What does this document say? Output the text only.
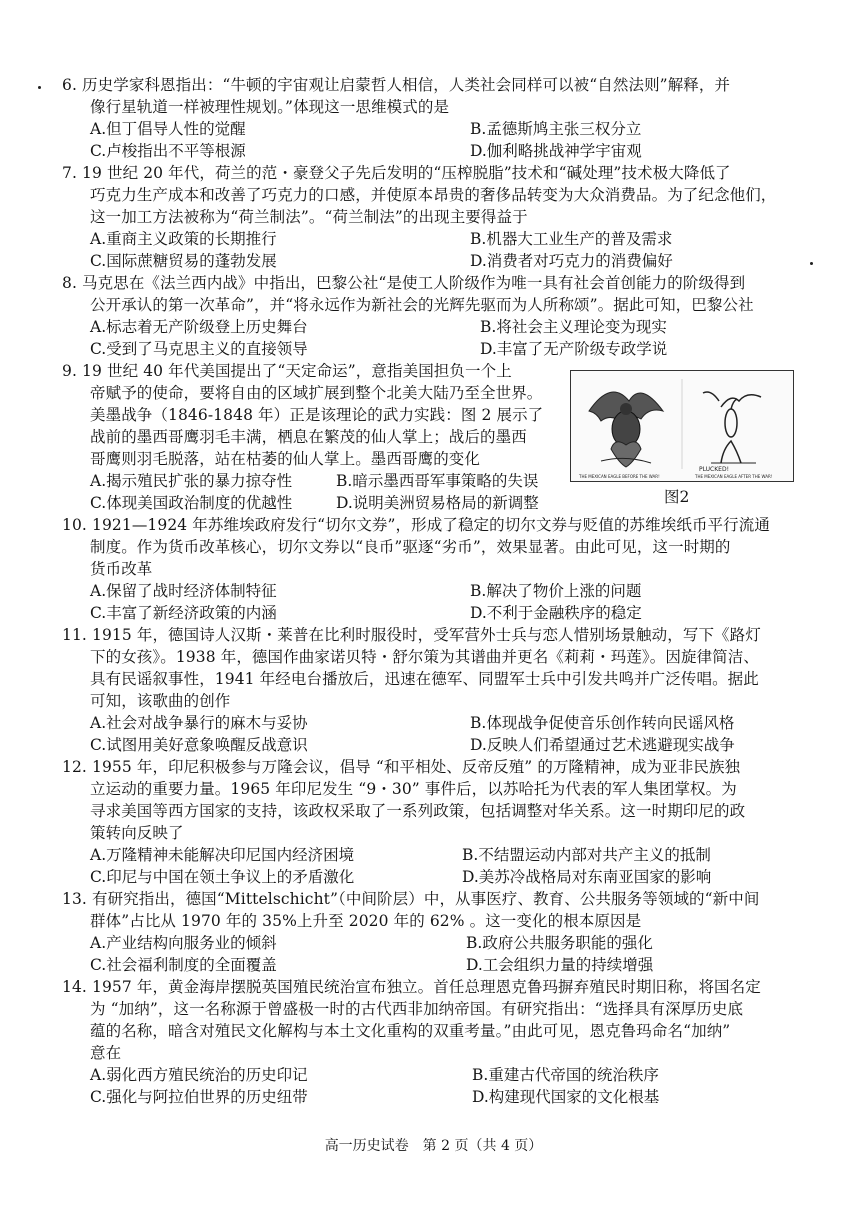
6. 历史学家科恩指出：“牛顿的宇宙观让启蒙哲人相信，人类社会同样可以被“自然法则”解释，并
像行星轨道一样被理性规划。”体现这一思维模式的是
A.但丁倡导人性的觉醒	B.孟德斯鸠主张三权分立
C.卢梭指出不平等根源	D.伽利略挑战神学宇宙观
7. 19 世纪 20 年代，荷兰的范・豪登父子先后发明的“压榨脱脂”技术和“碱处理”技术极大降低了
巧克力生产成本和改善了巧克力的口感，并使原本昂贵的奢侈品转变为大众消费品。为了纪念他们，
这一加工方法被称为“荷兰制法”。“荷兰制法”的出现主要得益于
A.重商主义政策的长期推行	B.机器大工业生产的普及需求
C.国际蔗糖贸易的蓬勃发展	D.消费者对巧克力的消费偏好
8. 马克思在《法兰西内战》中指出，巴黎公社“是使工人阶级作为唯一具有社会首创能力的阶级得到
公开承认的第一次革命”，并“将永远作为新社会的光辉先驱而为人所称颂”。据此可知，巴黎公社
A.标志着无产阶级登上历史舞台	B.将社会主义理论变为现实
C.受到了马克思主义的直接领导	D.丰富了无产阶级专政学说
9. 19 世纪 40 年代美国提出了“天定命运”，意指美国担负一个上
帝赋予的使命，要将自由的区域扩展到整个北美大陆乃至全世界。
美墨战争（1846-1848 年）正是该理论的武力实践：图 2 展示了
战前的墨西哥鹰羽毛丰满，栖息在繁茂的仙人掌上；战后的墨西
哥鹰则羽毛脱落，站在枯萎的仙人掌上。墨西哥鹰的变化
A.揭示殖民扩张的暴力掠夺性	B.暗示墨西哥军事策略的失误
C.体现美国政治制度的优越性	D.说明美洲贸易格局的新调整
PLUCKED!
THE MEXICAN EAGLE BEFORE THE WAR!	THE MEXICAN EAGLE AFTER THE WAR!
图2
10. 1921—1924 年苏维埃政府发行“切尔文券”，形成了稳定的切尔文券与贬值的苏维埃纸币平行流通
制度。作为货币改革核心，切尔文券以“良币”驱逐“劣币”，效果显著。由此可见，这一时期的
货币改革
A.保留了战时经济体制特征	B.解决了物价上涨的问题
C.丰富了新经济政策的内涵	D.不利于金融秩序的稳定
11. 1915 年，德国诗人汉斯・莱普在比利时服役时，受军营外士兵与恋人惜别场景触动，写下《路灯
下的女孩》。1938 年，德国作曲家诺贝特・舒尔策为其谱曲并更名《莉莉・玛莲》。因旋律简洁、
具有民谣叙事性，1941 年经电台播放后，迅速在德军、同盟军士兵中引发共鸣并广泛传唱。据此
可知，该歌曲的创作
A.社会对战争暴行的麻木与妥协	B.体现战争促使音乐创作转向民谣风格
C.试图用美好意象唤醒反战意识	D.反映人们希望通过艺术逃避现实战争
12. 1955 年，印尼积极参与万隆会议，倡导 “和平相处、反帝反殖” 的万隆精神，成为亚非民族独
立运动的重要力量。1965 年印尼发生 “9・30” 事件后，以苏哈托为代表的军人集团掌权。为
寻求美国等西方国家的支持，该政权采取了一系列政策，包括调整对华关系。这一时期印尼的政
策转向反映了
A.万隆精神未能解决印尼国内经济困境	B.不结盟运动内部对共产主义的抵制
C.印尼与中国在领土争议上的矛盾激化	D.美苏冷战格局对东南亚国家的影响
13. 有研究指出，德国“Mittelschicht”（中间阶层）中，从事医疗、教育、公共服务等领域的“新中间
群体”占比从 1970 年的 35%上升至 2020 年的 62% 。这一变化的根本原因是
A.产业结构向服务业的倾斜	B.政府公共服务职能的强化
C.社会福利制度的全面覆盖	D.工会组织力量的持续增强
14. 1957 年，黄金海岸摆脱英国殖民统治宣布独立。首任总理恩克鲁玛摒弃殖民时期旧称，将国名定
为 “加纳”，这一名称源于曾盛极一时的古代西非加纳帝国。有研究指出：“选择具有深厚历史底
蕴的名称，暗含对殖民文化解构与本土文化重构的双重考量。”由此可见，恩克鲁玛命名“加纳”
意在
A.弱化西方殖民统治的历史印记	B.重建古代帝国的统治秩序
C.强化与阿拉伯世界的历史纽带	D.构建现代国家的文化根基
高一历史试卷　第 2 页（共 4 页）
